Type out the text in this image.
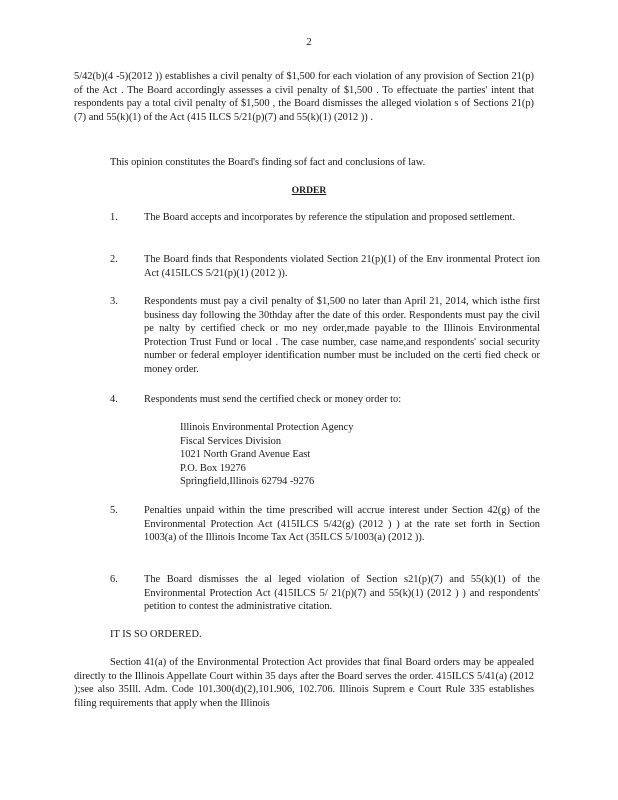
2
5/42(b)(4 -5)(2012 )) establishes a civil penalty of $1,500 for each violation of any provision of Section 21(p) of the Act . The Board accordingly assesses a civil penalty of $1,500 . To effectuate the parties' intent that respondents pay a total civil penalty of $1,500 , the Board dismisses the alleged violation s of Sections 21(p)(7) and 55(k)(1) of the Act (415 ILCS 5/21(p)(7) and 55(k)(1) (2012 )) .
This opinion constitutes the Board's finding sof fact and conclusions of law.
ORDER
1.	The Board accepts and incorporates by reference the stipulation and proposed settlement.
2.	The Board finds that Respondents violated Section 21(p)(1) of the Env ironmental Protect ion Act (415ILCS 5/21(p)(1) (2012 )).
3.	Respondents must pay a civil penalty of $1,500 no later than April 21, 2014, which isthe first business day following the 30thday after the date of this order. Respondents must pay the civil pe nalty by certified check or mo ney order,made payable to the Illinois Environmental Protection Trust Fund or local . The case number, case name,and respondents' social security number or federal employer identification number must be included on the certi fied check or money order.
4.	Respondents must send the certified check or money order to:
Illinois Environmental Protection Agency
Fiscal Services Division
1021 North Grand Avenue East
P.O. Box 19276
Springfield,Illinois 62794 -9276
5.	Penalties unpaid within the time prescribed will accrue interest under Section 42(g) of the Environmental Protection Act (415ILCS 5/42(g) (2012 ) ) at the rate set forth in Section 1003(a) of the Illinois Income Tax Act (35ILCS 5/1003(a) (2012 )).
6.	The Board dismisses the al leged violation of Section s21(p)(7) and 55(k)(1) of the Environmental Protection Act (415ILCS 5/ 21(p)(7) and 55(k)(1) (2012 ) ) and respondents' petition to contest the administrative citation.
IT IS SO ORDERED.
Section 41(a) of the Environmental Protection Act provides that final Board orders may be appealed directly to the Illinois Appellate Court within 35 days after the Board serves the order. 415ILCS 5/41(a) (2012 );see also 35Ill. Adm. Code 101.300(d)(2),101.906, 102.706. Illinois Suprem e Court Rule 335 establishes filing requirements that apply when the Illinois
